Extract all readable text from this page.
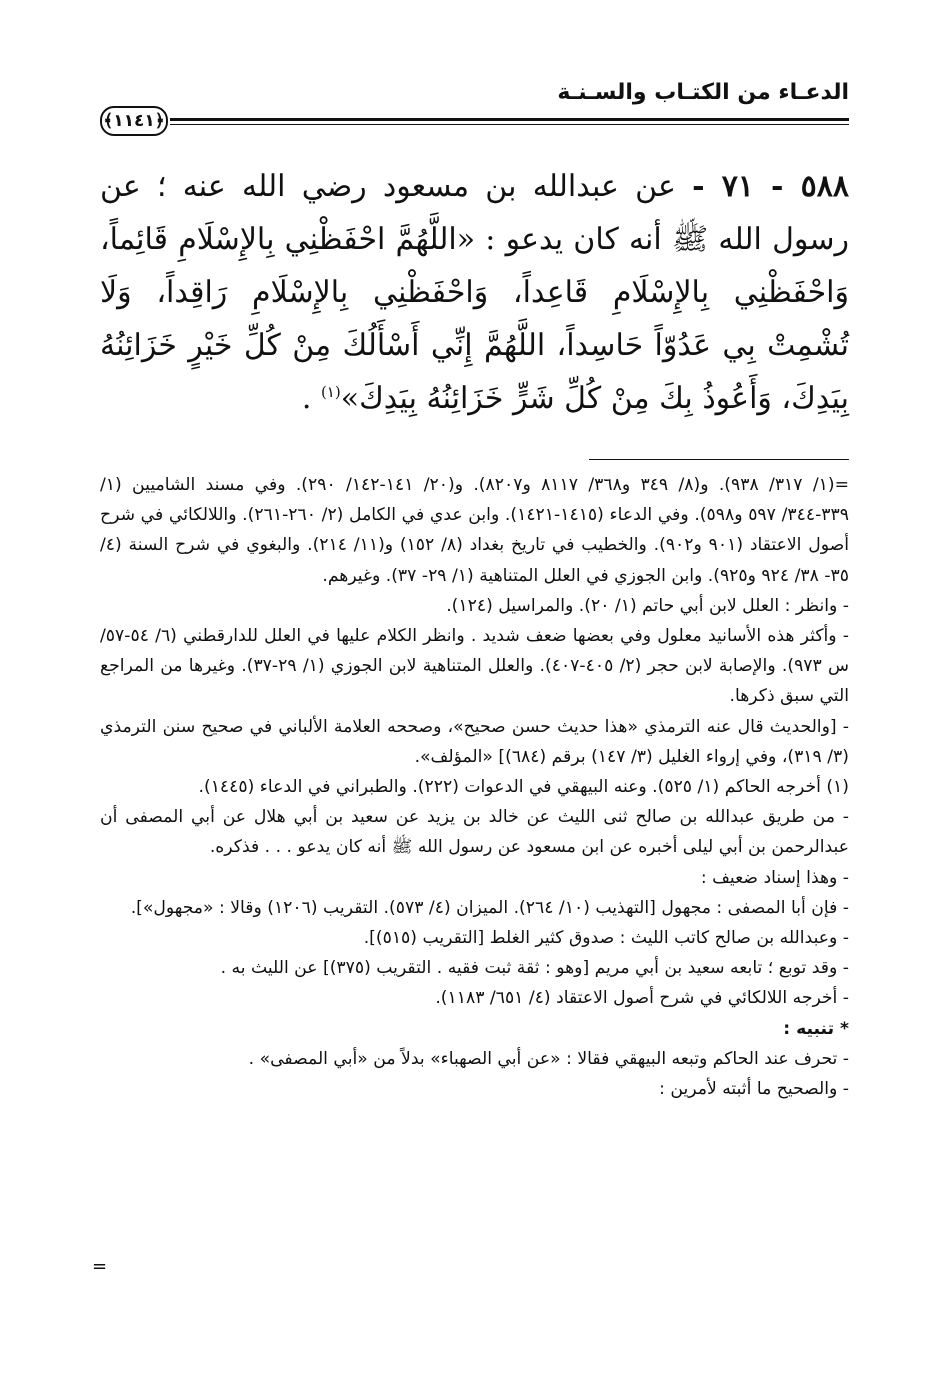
الدعـاء من الكتـاب والسـنـة
﴿١١٤١﴾
٥٨٨ - ٧١ - عن عبدالله بن مسعود رضي الله عنه ؛ عن رسول الله ﷺ أنه كان يدعو : «اللَّهُمَّ احْفَظْنِي بِالإِسْلَامِ قَائِماً، وَاحْفَظْنِي بِالإِسْلَامِ قَاعِداً، وَاحْفَظْنِي بِالإِسْلَامِ رَاقِداً، وَلَا تُشْمِتْ بِي عَدُوّاً حَاسِداً، اللَّهُمَّ إِنِّي أَسْأَلُكَ مِنْ كُلِّ خَيْرٍ خَزَائِنُهُ بِيَدِكَ، وَأَعُوذُ بِكَ مِنْ كُلِّ شَرٍّ خَزَائِنُهُ بِيَدِكَ»$^{(١)}$ .

=(١/ ٣١٧/ ٩٣٨). و(٨/ ٣٤٩ و٣٦٨/ ٨١١٧ و٨٢٠٧). و(٢٠/ ١٤١-١٤٢/ ٢٩٠). وفي مسند الشاميين (١/ ٣٣٩-٣٤٤/ ٥٩٧ و٥٩٨). وفي الدعاء (١٤١٥-١٤٢١). وابن عدي في الكامل (٢/ ٢٦٠-٢٦١). واللالكائي في شرح أصول الاعتقاد (٩٠١ و٩٠٢). والخطيب في تاريخ بغداد (٨/ ١٥٢) و(١١/ ٢١٤). والبغوي في شرح السنة (٤/ ٣٥- ٣٨/ ٩٢٤ و٩٢٥). وابن الجوزي في العلل المتناهية (١/ ٢٩- ٣٧). وغيرهم.

- وانظر : العلل لابن أبي حاتم (١/ ٢٠). والمراسيل (١٢٤).

- وأكثر هذه الأسانيد معلول وفي بعضها ضعف شديد . وانظر الكلام عليها في العلل للدارقطني (٦/ ٥٤-٥٧/ س ٩٧٣). والإصابة لابن حجر (٢/ ٤٠٥-٤٠٧). والعلل المتناهية لابن الجوزي (١/ ٢٩-٣٧). وغيرها من المراجع التي سبق ذكرها.

- [والحديث قال عنه الترمذي «هذا حديث حسن صحيح»، وصححه العلامة الألباني في صحيح سنن الترمذي (٣/ ٣١٩)، وفي إرواء الغليل (٣/ ١٤٧) برقم (٦٨٤)] «المؤلف».

(١) أخرجه الحاكم (١/ ٥٢٥). وعنه البيهقي في الدعوات (٢٢٢). والطبراني في الدعاء (١٤٤٥).

- من طريق عبدالله بن صالح ثنى الليث عن خالد بن يزيد عن سعيد بن أبي هلال عن أبي المصفى أن عبدالرحمن بن أبي ليلى أخبره عن ابن مسعود عن رسول الله ﷺ أنه كان يدعو . . . فذكره.

- وهذا إسناد ضعيف :

- فإن أبا المصفى : مجهول [التهذيب (١٠/ ٢٦٤). الميزان (٤/ ٥٧٣). التقريب (١٢٠٦) وقالا : «مجهول»].

- وعبدالله بن صالح كاتب الليث : صدوق كثير الغلط [التقريب (٥١٥)].

- وقد توبع ؛ تابعه سعيد بن أبي مريم [وهو : ثقة ثبت فقيه . التقريب (٣٧٥)] عن الليث به .

- أخرجه اللالكائي في شرح أصول الاعتقاد (٤/ ٦٥١/ ١١٨٣).

* تنبيه :

- تحرف عند الحاكم وتبعه البيهقي فقالا : «عن أبي الصهباء» بدلاً من «أبي المصفى» .

- والصحيح ما أثبته لأمرين :

=
